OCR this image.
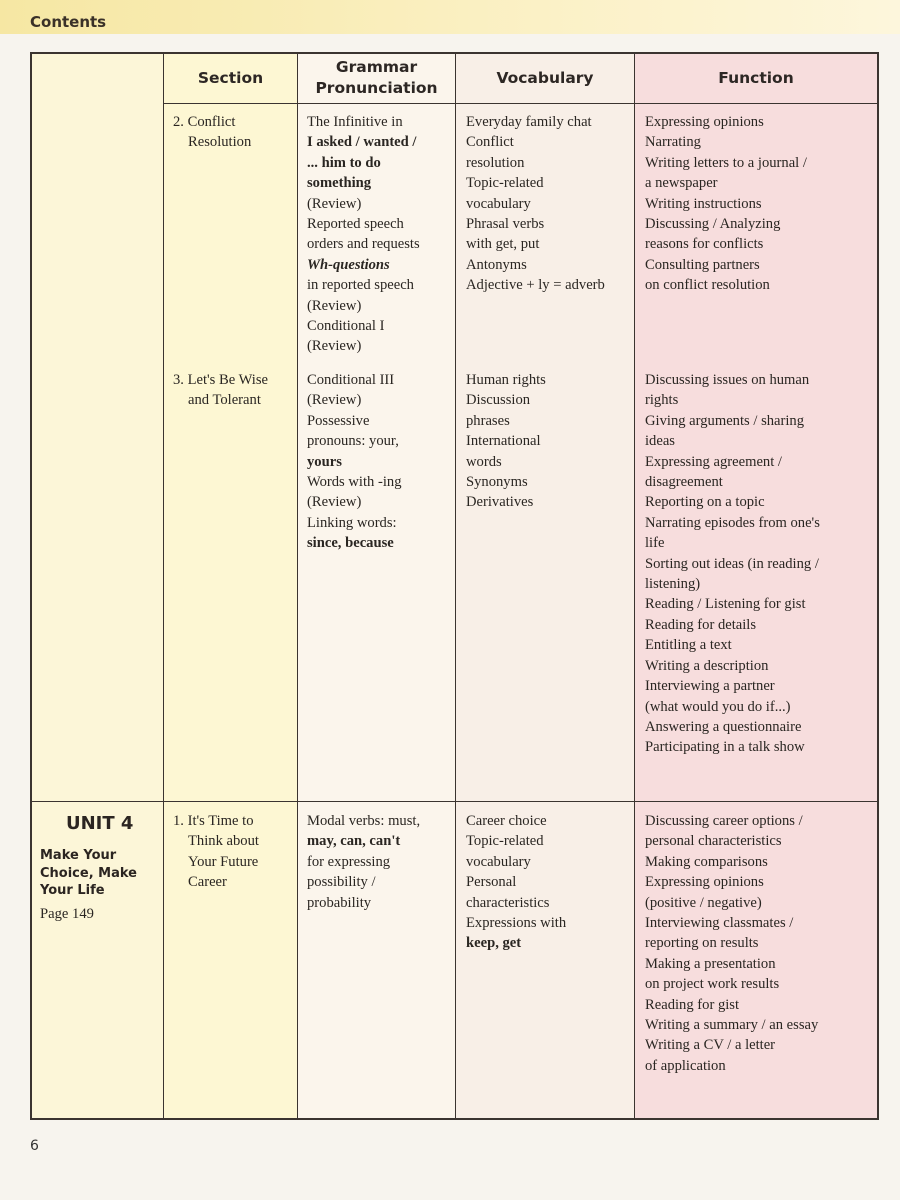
Contents
Section
Grammar
Pronunciation
Vocabulary	Function
2. Conflict
Resolution
The Infinitive in
I asked / wanted /
... him to do
something
(Review)
Reported speech
orders and requests
Wh-questions
in reported speech
(Review)
Conditional I
(Review)
Everyday family chat
Conflict
resolution
Topic-related
vocabulary
Phrasal verbs
with get, put
Antonyms
Adjective + ly = adverb
Expressing opinions
Narrating
Writing letters to a journal /
a newspaper
Writing instructions
Discussing / Analyzing
reasons for conflicts
Consulting partners
on conflict resolution
3. Let's Be Wise
and Tolerant
Conditional III
(Review)
Possessive
pronouns: your,
yours
Words with -ing
(Review)
Linking words:
since, because
Human rights
Discussion
phrases
International
words
Synonyms
Derivatives
Discussing issues on human
rights
Giving arguments / sharing
ideas
Expressing agreement /
disagreement
Reporting on a topic
Narrating episodes from one's
life
Sorting out ideas (in reading /
listening)
Reading / Listening for gist
Reading for details
Entitling a text
Writing a description
Interviewing a partner
(what would you do if...)
Answering a questionnaire
Participating in a talk show
UNIT 4
Make Your
Choice, Make
Your Life
Page 149
1. It's Time to
Think about
Your Future
Career
Modal verbs: must,
may, can, can't
for expressing
possibility /
probability
Career choice
Topic-related
vocabulary
Personal
characteristics
Expressions with
keep, get
Discussing career options /
personal characteristics
Making comparisons
Expressing opinions
(positive / negative)
Interviewing classmates /
reporting on results
Making a presentation
on project work results
Reading for gist
Writing a summary / an essay
Writing a CV / a letter
of application
6
